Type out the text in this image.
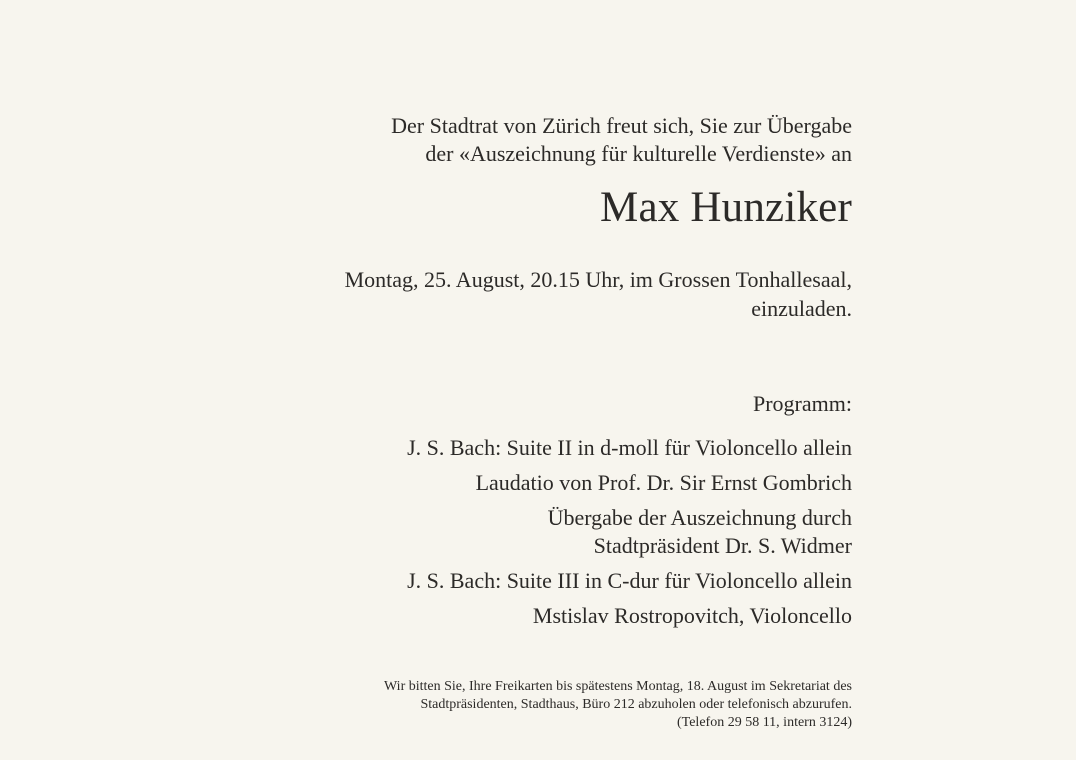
Der Stadtrat von Zürich freut sich, Sie zur Übergabe
der «Auszeichnung für kulturelle Verdienste» an
Max Hunziker
Montag, 25. August, 20.15 Uhr, im Grossen Tonhallesaal,
einzuladen.
Programm:
J. S. Bach: Suite II in d-moll für Violoncello allein
Laudatio von Prof. Dr. Sir Ernst Gombrich
Übergabe der Auszeichnung durch
Stadtpräsident Dr. S. Widmer
J. S. Bach: Suite III in C-dur für Violoncello allein
Mstislav Rostropovitch, Violoncello
Wir bitten Sie, Ihre Freikarten bis spätestens Montag, 18. August im Sekretariat des
Stadtpräsidenten, Stadthaus, Büro 212 abzuholen oder telefonisch abzurufen.
(Telefon 29 58 11, intern 3124)
